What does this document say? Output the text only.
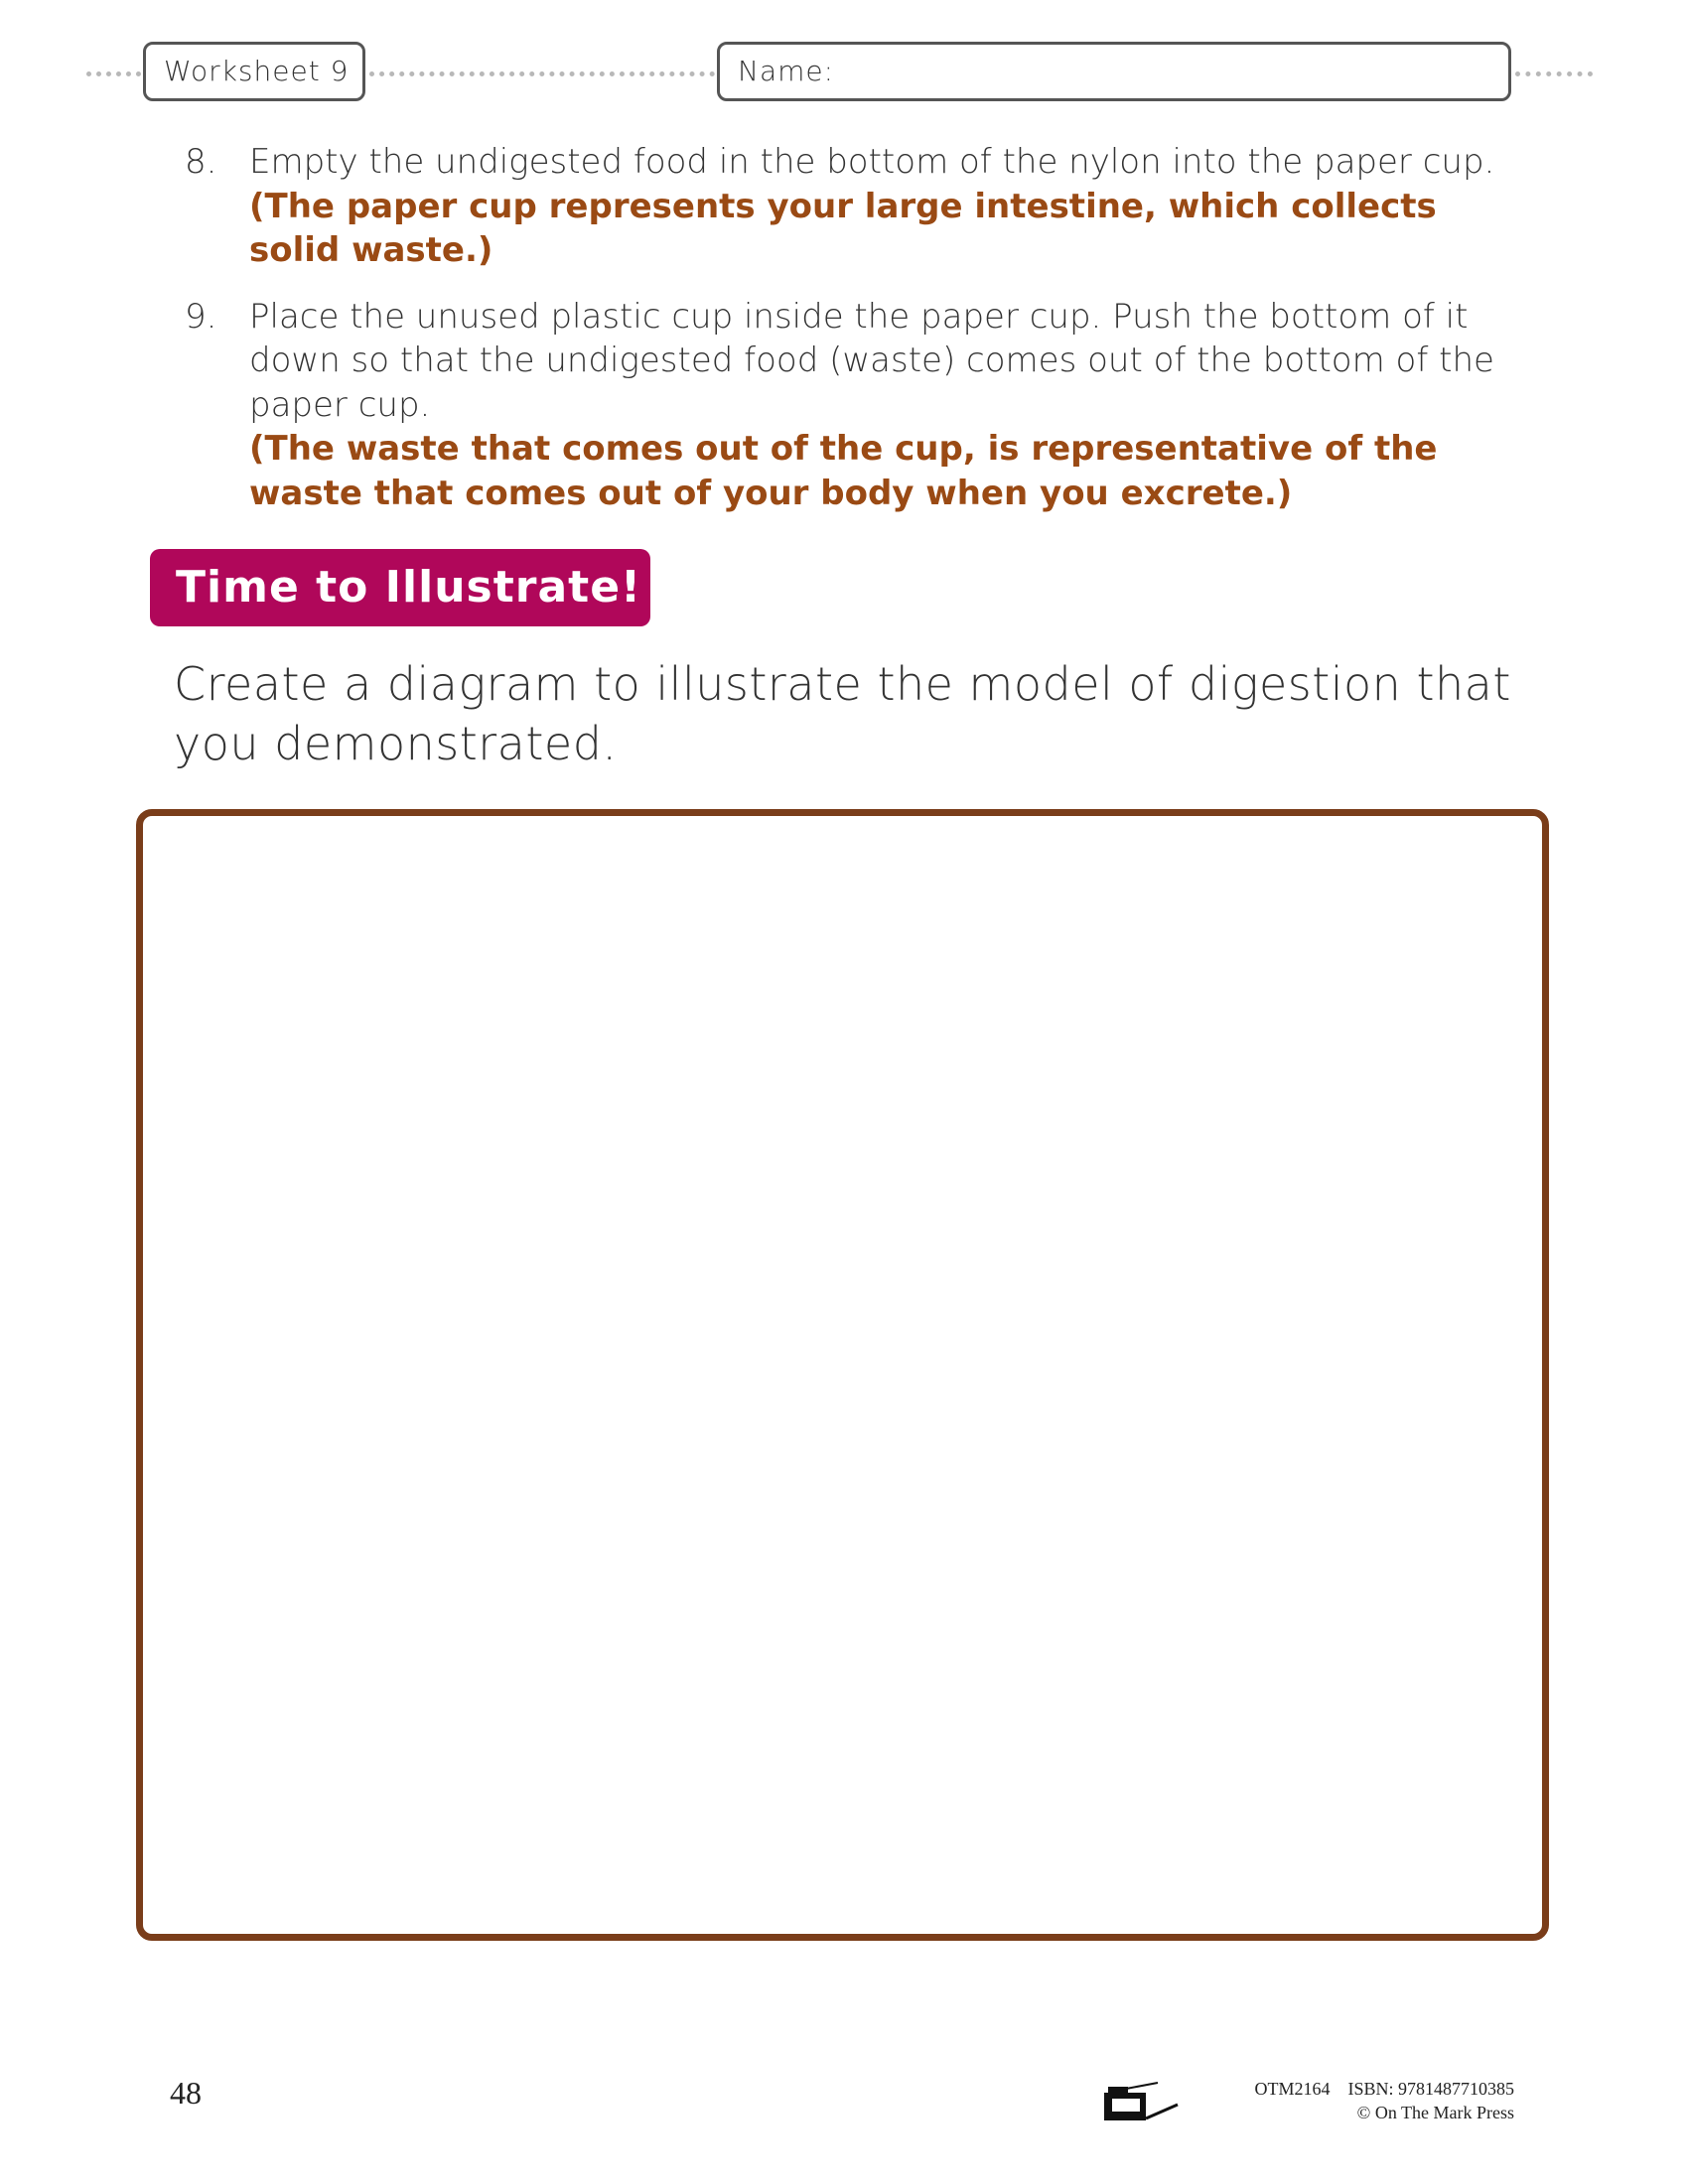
Worksheet 9	Name:
8. Empty the undigested food in the bottom of the nylon into the paper cup.
(The paper cup represents your large intestine, which collects solid waste.)
9. Place the unused plastic cup inside the paper cup. Push the bottom of it down so that the undigested food (waste) comes out of the bottom of the paper cup.
(The waste that comes out of the cup, is representative of the waste that comes out of your body when you excrete.)
Time to Illustrate!
Create a diagram to illustrate the model of digestion that you demonstrated.
48	OTM2164 ISBN: 9781487710385
© On The Mark Press
